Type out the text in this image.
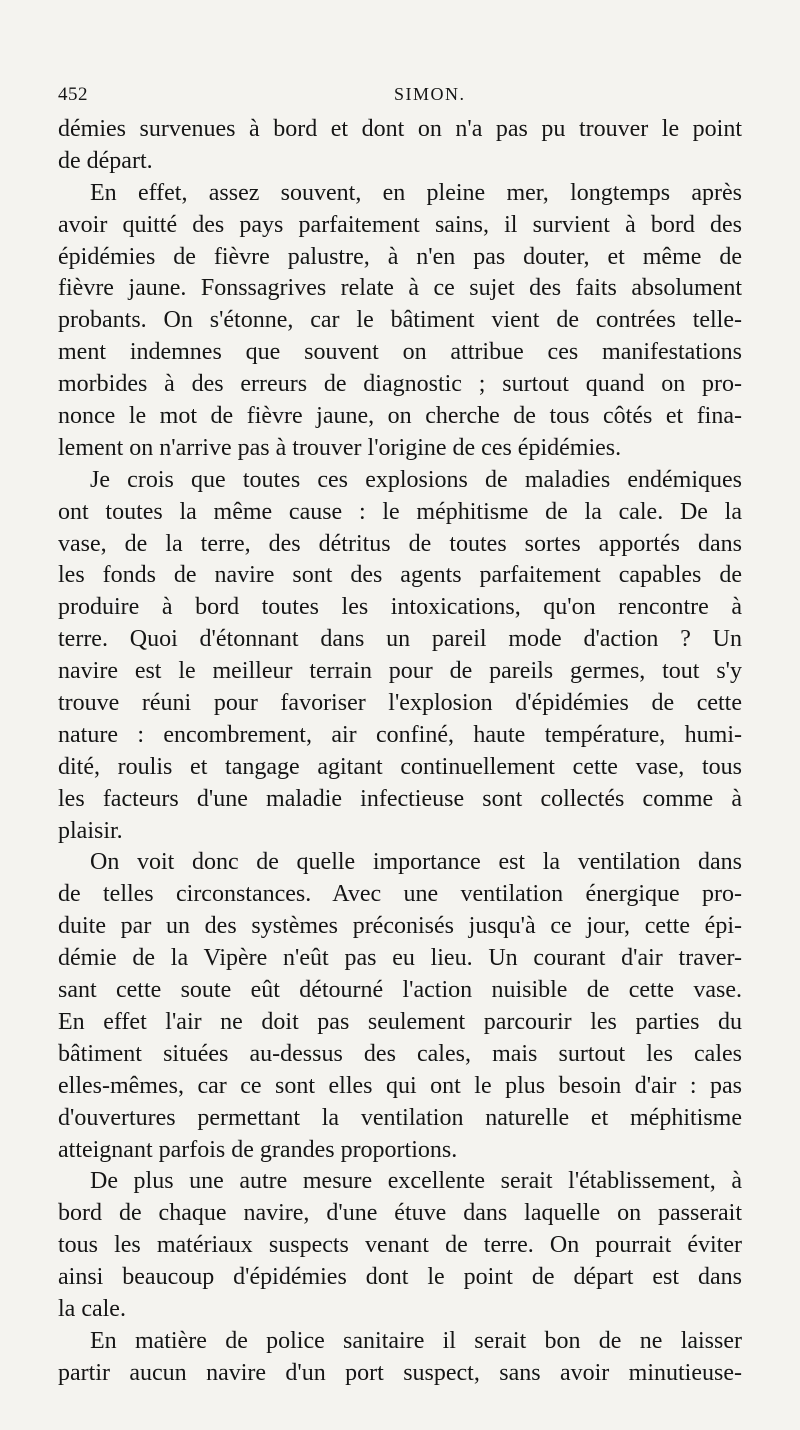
452	SIMON.
démies survenues à bord et dont on n'a pas pu trouver le point
de départ.
En effet, assez souvent, en pleine mer, longtemps après
avoir quitté des pays parfaitement sains, il survient à bord des
épidémies de fièvre palustre, à n'en pas douter, et même de
fièvre jaune. Fonssagrives relate à ce sujet des faits absolument
probants. On s'étonne, car le bâtiment vient de contrées telle-
ment indemnes que souvent on attribue ces manifestations
morbides à des erreurs de diagnostic ; surtout quand on pro-
nonce le mot de fièvre jaune, on cherche de tous côtés et fina-
lement on n'arrive pas à trouver l'origine de ces épidémies.
Je crois que toutes ces explosions de maladies endémiques
ont toutes la même cause : le méphitisme de la cale. De la
vase, de la terre, des détritus de toutes sortes apportés dans
les fonds de navire sont des agents parfaitement capables de
produire à bord toutes les intoxications, qu'on rencontre à
terre. Quoi d'étonnant dans un pareil mode d'action ? Un
navire est le meilleur terrain pour de pareils germes, tout s'y
trouve réuni pour favoriser l'explosion d'épidémies de cette
nature : encombrement, air confiné, haute température, humi-
dité, roulis et tangage agitant continuellement cette vase, tous
les facteurs d'une maladie infectieuse sont collectés comme à
plaisir.
On voit donc de quelle importance est la ventilation dans
de telles circonstances. Avec une ventilation énergique pro-
duite par un des systèmes préconisés jusqu'à ce jour, cette épi-
démie de la Vipère n'eût pas eu lieu. Un courant d'air traver-
sant cette soute eût détourné l'action nuisible de cette vase.
En effet l'air ne doit pas seulement parcourir les parties du
bâtiment situées au-dessus des cales, mais surtout les cales
elles-mêmes, car ce sont elles qui ont le plus besoin d'air : pas
d'ouvertures permettant la ventilation naturelle et méphitisme
atteignant parfois de grandes proportions.
De plus une autre mesure excellente serait l'établissement, à
bord de chaque navire, d'une étuve dans laquelle on passerait
tous les matériaux suspects venant de terre. On pourrait éviter
ainsi beaucoup d'épidémies dont le point de départ est dans
la cale.
En matière de police sanitaire il serait bon de ne laisser
partir aucun navire d'un port suspect, sans avoir minutieuse-
